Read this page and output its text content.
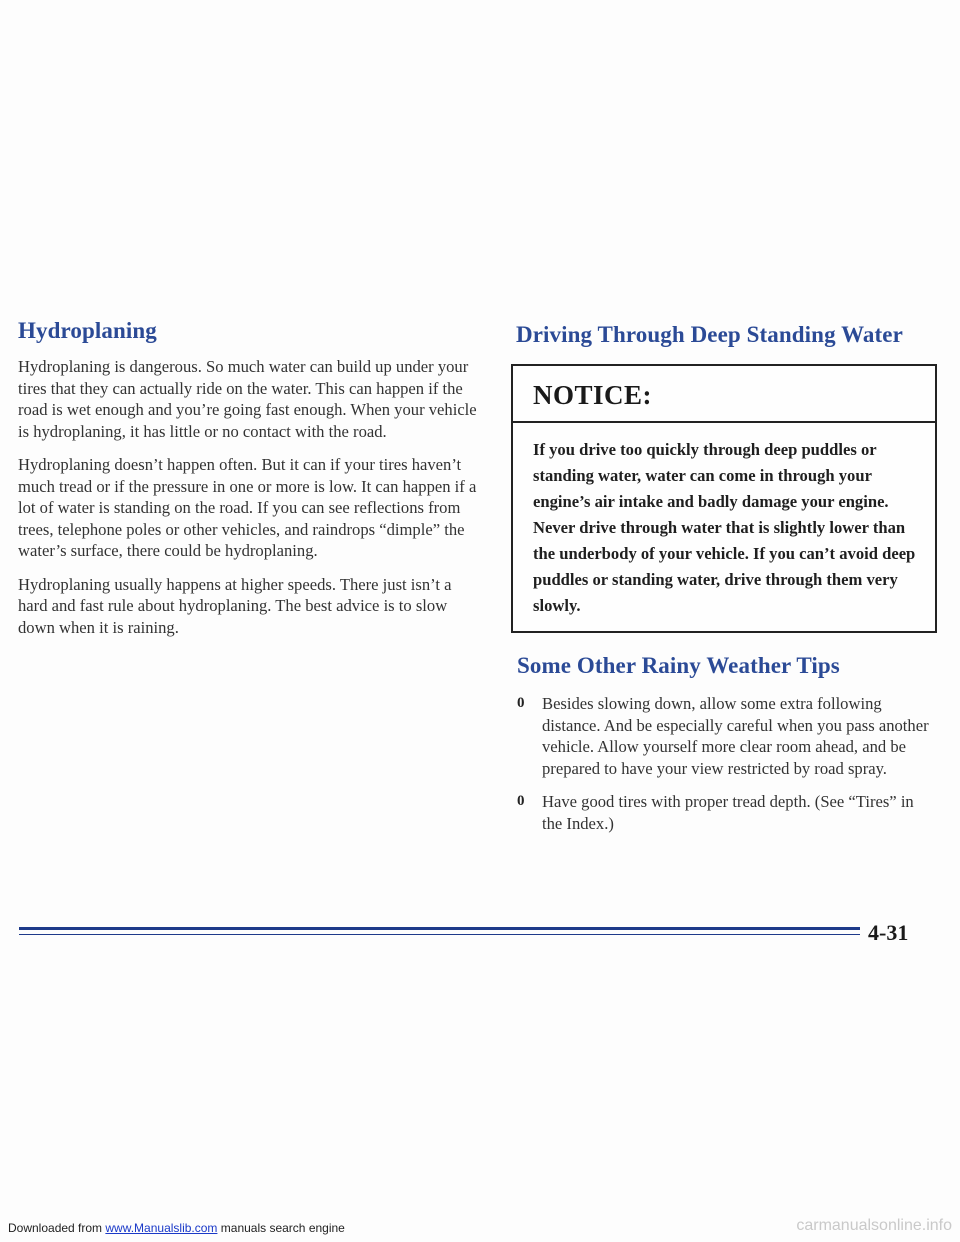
Hydroplaning

Hydroplaning is dangerous. So much water can build up under your tires that they can actually ride on the water. This can happen if the road is wet enough and you’re going fast enough. When your vehicle is hydroplaning, it has little or no contact with the road.

Hydroplaning doesn’t happen often. But it can if your tires haven’t much tread or if the pressure in one or more is low. It can happen if a lot of water is standing on the road. If you can see reflections from trees, telephone poles or other vehicles, and raindrops “dimple” the water’s surface, there could be hydroplaning.

Hydroplaning usually happens at higher speeds. There just isn’t a hard and fast rule about hydroplaning. The best advice is to slow down when it is raining.

Driving Through Deep Standing Water
NOTICE:
If you drive too quickly through deep puddles or standing water, water can come in through your engine’s air intake and badly damage your engine. Never drive through water that is slightly lower than the underbody of your vehicle. If you can’t avoid deep puddles or standing water, drive through them very slowly.
Some Other Rainy Weather Tips
0 Besides slowing down, allow some extra following distance. And be especially careful when you pass another vehicle. Allow yourself more clear room ahead, and be prepared to have your view restricted by road spray.
0 Have good tires with proper tread depth. (See “Tires” in the Index.)
4-31
Downloaded from www.Manualslib.com manuals search engine	carmanualsonline.info
